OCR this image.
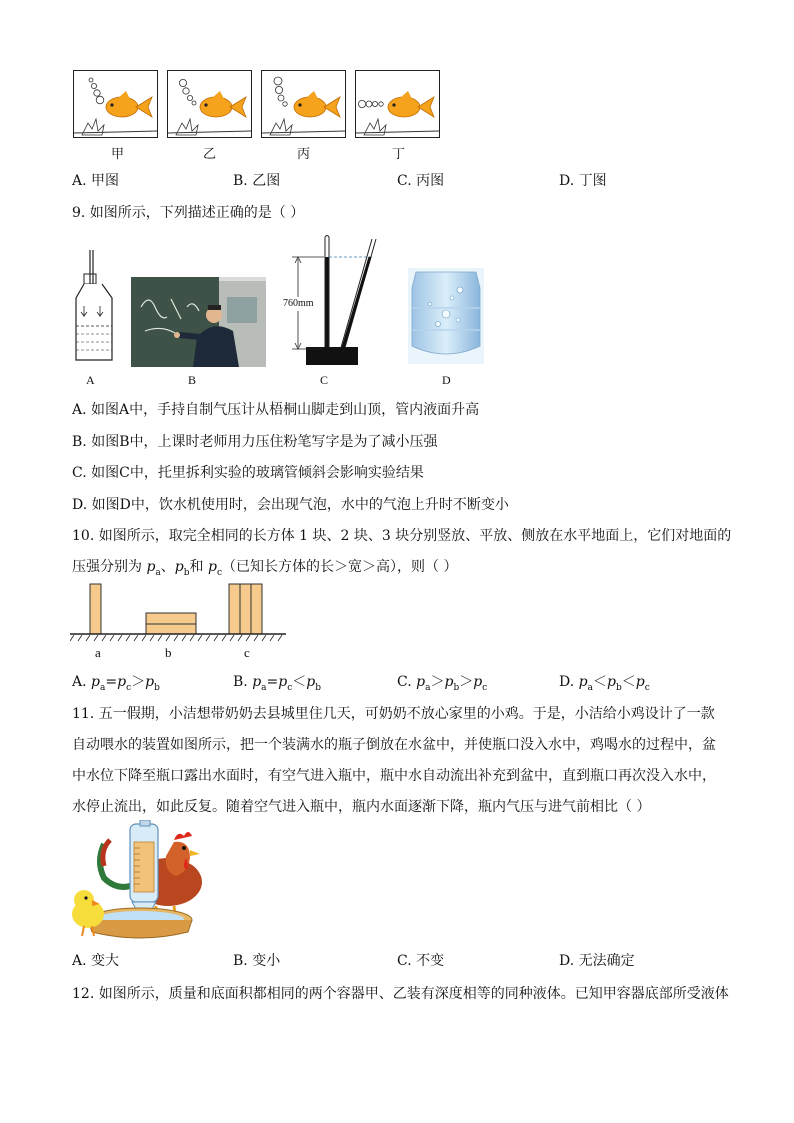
甲	乙	丙	丁
A. 甲图	B. 乙图	C. 丙图	D. 丁图
9. 如图所示，下列描述正确的是（ ）
A	B
760mm
C	D
A. 如图A中，手持自制气压计从梧桐山脚走到山顶，管内液面升高
B. 如图B中，上课时老师用力压住粉笔写字是为了减小压强
C. 如图C中，托里拆利实验的玻璃管倾斜会影响实验结果
D. 如图D中，饮水机使用时，会出现气泡，水中的气泡上升时不断变小
10. 如图所示，取完全相同的长方体 1 块、2 块、3 块分别竖放、平放、侧放在水平地面上，它们对地面的
压强分别为 $p_a$、$p_b$和 $p_c$（已知长方体的长＞宽＞高），则（ ）
a	b	c
A. $p_a=p_c>p_b$	B. $p_a=p_c<p_b$	C. $p_a>p_b>p_c$	D. $p_a<p_b<p_c$
11. 五一假期，小洁想带奶奶去县城里住几天，可奶奶不放心家里的小鸡。于是，小洁给小鸡设计了一款
自动喂水的装置如图所示，把一个装满水的瓶子倒放在水盆中，并使瓶口没入水中，鸡喝水的过程中，盆
中水位下降至瓶口露出水面时，有空气进入瓶中，瓶中水自动流出补充到盆中，直到瓶口再次没入水中，
水停止流出，如此反复。随着空气进入瓶中，瓶内水面逐渐下降，瓶内气压与进气前相比（ ）
A. 变大	B. 变小	C. 不变	D. 无法确定
12. 如图所示，质量和底面积都相同的两个容器甲、乙装有深度相等的同种液体。已知甲容器底部所受液体
